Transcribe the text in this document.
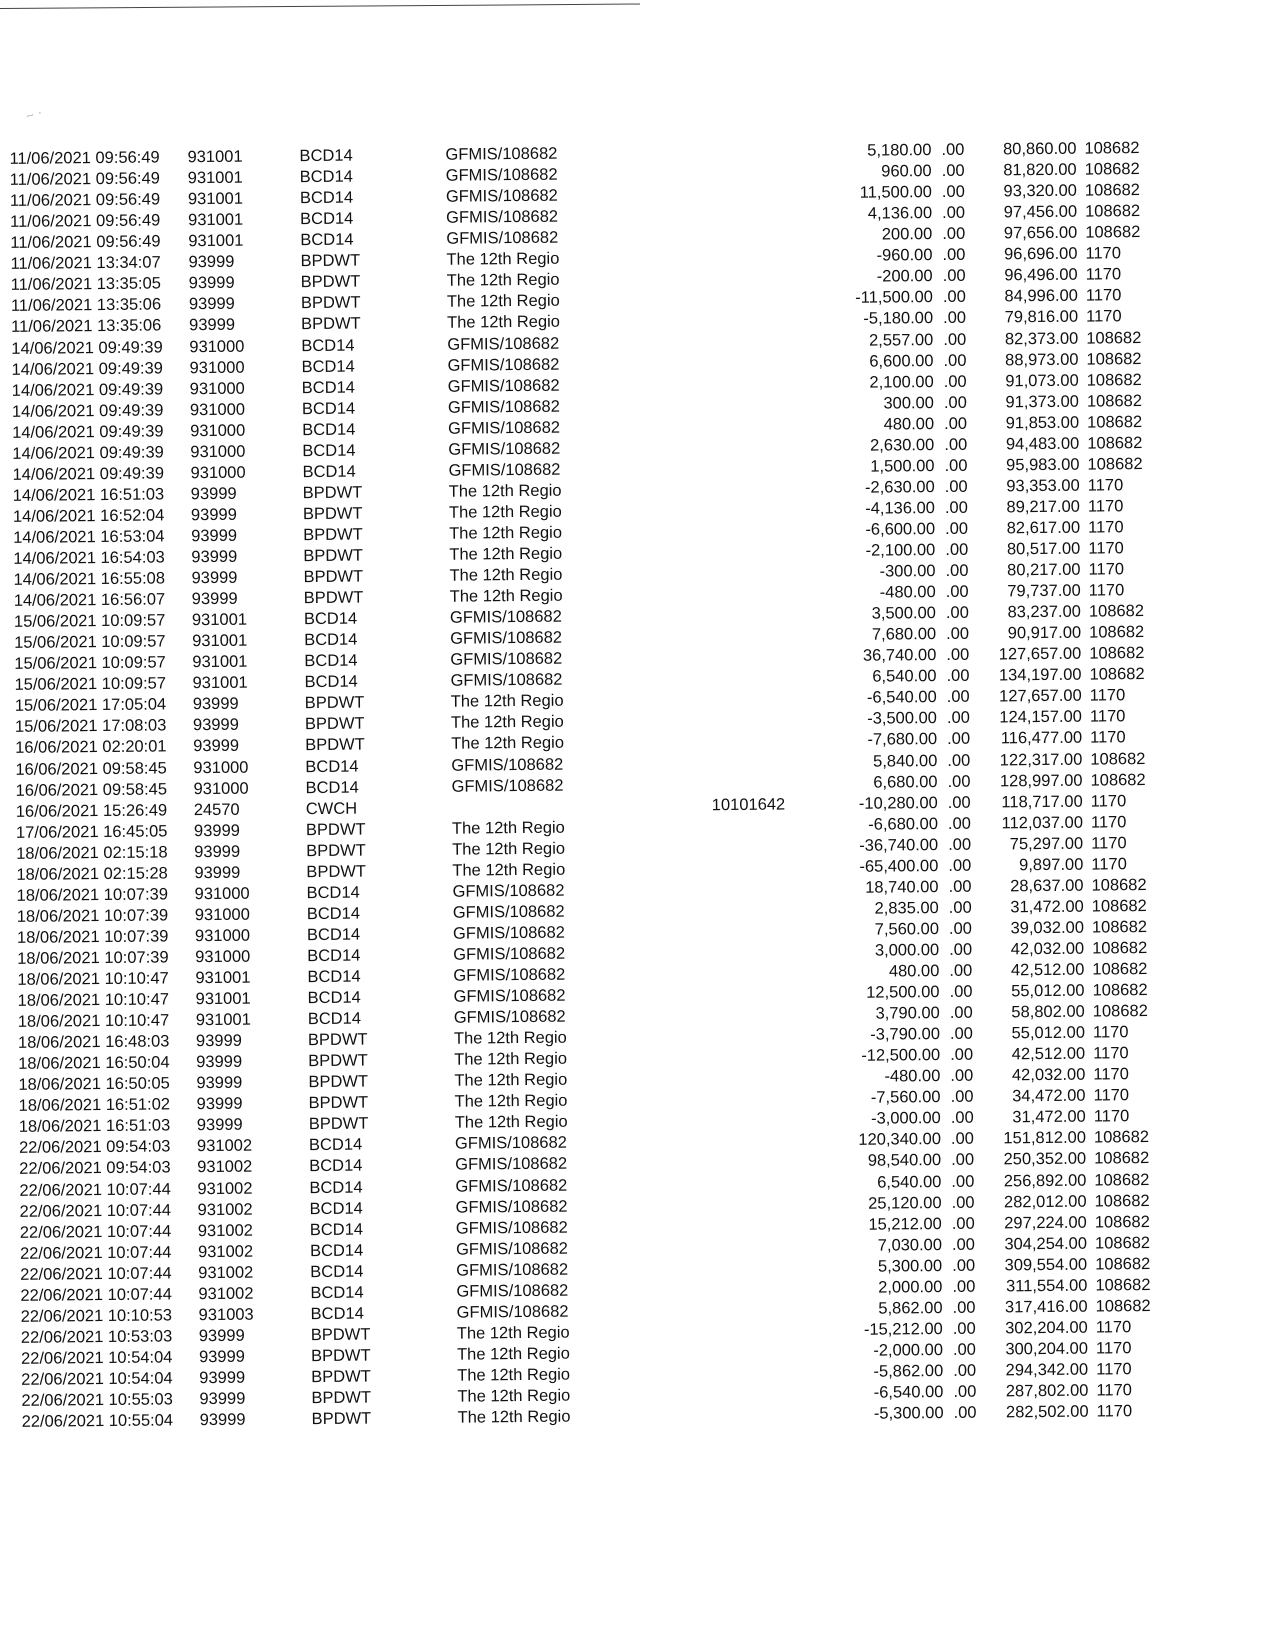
~ ·
11/06/2021 09:56:49 931001	BCD14	GFMIS/108682	5,180.00 .00	80,860.00 108682
11/06/2021 09:56:49 931001	BCD14	GFMIS/108682	960.00 .00	81,820.00 108682
11/06/2021 09:56:49 931001	BCD14	GFMIS/108682	11,500.00 .00	93,320.00 108682
11/06/2021 09:56:49 931001	BCD14	GFMIS/108682	4,136.00 .00	97,456.00 108682
11/06/2021 09:56:49 931001	BCD14	GFMIS/108682	200.00 .00	97,656.00 108682
11/06/2021 13:34:07 93999	BPDWT	The 12th Regio	-960.00 .00	96,696.00 1170
11/06/2021 13:35:05 93999	BPDWT	The 12th Regio	-200.00 .00	96,496.00 1170
11/06/2021 13:35:06 93999	BPDWT	The 12th Regio	-11,500.00 .00	84,996.00 1170
11/06/2021 13:35:06 93999	BPDWT	The 12th Regio	-5,180.00 .00	79,816.00 1170
14/06/2021 09:49:39 931000	BCD14	GFMIS/108682	2,557.00 .00	82,373.00 108682
14/06/2021 09:49:39 931000	BCD14	GFMIS/108682	6,600.00 .00	88,973.00 108682
14/06/2021 09:49:39 931000	BCD14	GFMIS/108682	2,100.00 .00	91,073.00 108682
14/06/2021 09:49:39 931000	BCD14	GFMIS/108682	300.00 .00	91,373.00 108682
14/06/2021 09:49:39 931000	BCD14	GFMIS/108682	480.00 .00	91,853.00 108682
14/06/2021 09:49:39 931000	BCD14	GFMIS/108682	2,630.00 .00	94,483.00 108682
14/06/2021 09:49:39 931000	BCD14	GFMIS/108682	1,500.00 .00	95,983.00 108682
14/06/2021 16:51:03 93999	BPDWT	The 12th Regio	-2,630.00 .00	93,353.00 1170
14/06/2021 16:52:04 93999	BPDWT	The 12th Regio	-4,136.00 .00	89,217.00 1170
14/06/2021 16:53:04 93999	BPDWT	The 12th Regio	-6,600.00 .00	82,617.00 1170
14/06/2021 16:54:03 93999	BPDWT	The 12th Regio	-2,100.00 .00	80,517.00 1170
14/06/2021 16:55:08 93999	BPDWT	The 12th Regio	-300.00 .00	80,217.00 1170
14/06/2021 16:56:07 93999	BPDWT	The 12th Regio	-480.00 .00	79,737.00 1170
15/06/2021 10:09:57 931001	BCD14	GFMIS/108682	3,500.00 .00	83,237.00 108682
15/06/2021 10:09:57 931001	BCD14	GFMIS/108682	7,680.00 .00	90,917.00 108682
15/06/2021 10:09:57 931001	BCD14	GFMIS/108682	36,740.00 .00	127,657.00 108682
15/06/2021 10:09:57 931001	BCD14	GFMIS/108682	6,540.00 .00	134,197.00 108682
15/06/2021 17:05:04 93999	BPDWT	The 12th Regio	-6,540.00 .00	127,657.00 1170
15/06/2021 17:08:03 93999	BPDWT	The 12th Regio	-3,500.00 .00	124,157.00 1170
16/06/2021 02:20:01 93999	BPDWT	The 12th Regio	-7,680.00 .00	116,477.00 1170
16/06/2021 09:58:45 931000	BCD14	GFMIS/108682	5,840.00 .00	122,317.00 108682
16/06/2021 09:58:45 931000	BCD14	GFMIS/108682	6,680.00 .00	128,997.00 108682
16/06/2021 15:26:49 24570	CWCH	10101642	-10,280.00 .00	118,717.00 1170
17/06/2021 16:45:05 93999	BPDWT	The 12th Regio	-6,680.00 .00	112,037.00 1170
18/06/2021 02:15:18 93999	BPDWT	The 12th Regio	-36,740.00 .00	75,297.00 1170
18/06/2021 02:15:28 93999	BPDWT	The 12th Regio	-65,400.00 .00	9,897.00 1170
18/06/2021 10:07:39 931000	BCD14	GFMIS/108682	18,740.00 .00	28,637.00 108682
18/06/2021 10:07:39 931000	BCD14	GFMIS/108682	2,835.00 .00	31,472.00 108682
18/06/2021 10:07:39 931000	BCD14	GFMIS/108682	7,560.00 .00	39,032.00 108682
18/06/2021 10:07:39 931000	BCD14	GFMIS/108682	3,000.00 .00	42,032.00 108682
18/06/2021 10:10:47 931001	BCD14	GFMIS/108682	480.00 .00	42,512.00 108682
18/06/2021 10:10:47 931001	BCD14	GFMIS/108682	12,500.00 .00	55,012.00 108682
18/06/2021 10:10:47 931001	BCD14	GFMIS/108682	3,790.00 .00	58,802.00 108682
18/06/2021 16:48:03 93999	BPDWT	The 12th Regio	-3,790.00 .00	55,012.00 1170
18/06/2021 16:50:04 93999	BPDWT	The 12th Regio	-12,500.00 .00	42,512.00 1170
18/06/2021 16:50:05 93999	BPDWT	The 12th Regio	-480.00 .00	42,032.00 1170
18/06/2021 16:51:02 93999	BPDWT	The 12th Regio	-7,560.00 .00	34,472.00 1170
18/06/2021 16:51:03 93999	BPDWT	The 12th Regio	-3,000.00 .00	31,472.00 1170
22/06/2021 09:54:03 931002	BCD14	GFMIS/108682	120,340.00 .00	151,812.00 108682
22/06/2021 09:54:03 931002	BCD14	GFMIS/108682	98,540.00 .00	250,352.00 108682
22/06/2021 10:07:44 931002	BCD14	GFMIS/108682	6,540.00 .00	256,892.00 108682
22/06/2021 10:07:44 931002	BCD14	GFMIS/108682	25,120.00 .00	282,012.00 108682
22/06/2021 10:07:44 931002	BCD14	GFMIS/108682	15,212.00 .00	297,224.00 108682
22/06/2021 10:07:44 931002	BCD14	GFMIS/108682	7,030.00 .00	304,254.00 108682
22/06/2021 10:07:44 931002	BCD14	GFMIS/108682	5,300.00 .00	309,554.00 108682
22/06/2021 10:07:44 931002	BCD14	GFMIS/108682	2,000.00 .00	311,554.00 108682
22/06/2021 10:10:53 931003	BCD14	GFMIS/108682	5,862.00 .00	317,416.00 108682
22/06/2021 10:53:03 93999	BPDWT	The 12th Regio	-15,212.00 .00	302,204.00 1170
22/06/2021 10:54:04 93999	BPDWT	The 12th Regio	-2,000.00 .00	300,204.00 1170
22/06/2021 10:54:04 93999	BPDWT	The 12th Regio	-5,862.00 .00	294,342.00 1170
22/06/2021 10:55:03 93999	BPDWT	The 12th Regio	-6,540.00 .00	287,802.00 1170
22/06/2021 10:55:04 93999	BPDWT	The 12th Regio	-5,300.00 .00	282,502.00 1170
